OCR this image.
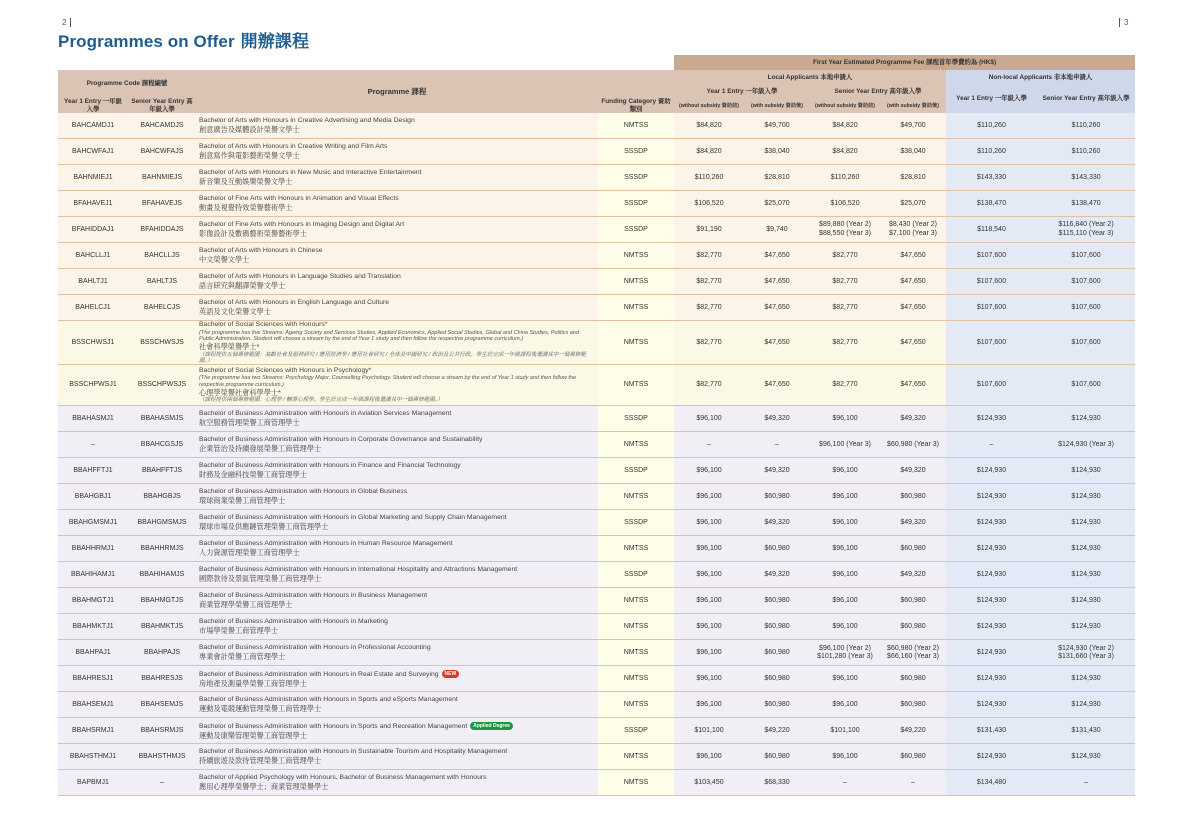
2	3
Programmes on Offer 開辦課程
				First Year Estimated Programme Fee 課程首年學費約為 (HK$)					
Programme Code 課程編號		Programme 課程		Local Applicants 本地申請人				Non-local Applicants 非本地申請人	
				Year 1 Entry 一年級入學		Senior Year Entry 高年級入學		Year 1 Entry 一年級入學	Senior Year Entry 高年級入學
Year 1 Entry 一年級入學	Senior Year Entry 高年級入學		Funding Category 資助類別	(without subsidy 資助前)	(with subsidy 資助後)	(without subsidy 資助前)	(with subsidy 資助後)		
BAHCAMDJ1	BAHCAMDJS	Bachelor of Arts with Honours in Creative Advertising and Media Design
創意廣告及媒體設計榮譽文學士	NMTSS	$84,820	$49,700	$84,820	$49,700	$110,260	$110,260
BAHCWFAJ1	BAHCWFAJS	Bachelor of Arts with Honours in Creative Writing and Film Arts
創意寫作與電影藝術榮譽文學士	SSSDP	$84,820	$38,040	$84,820	$38,040	$110,260	$110,260
BAHNMIEJ1	BAHNMIEJS	Bachelor of Arts with Honours in New Music and Interactive Entertainment
新音樂及互動娛樂榮譽文學士	SSSDP	$110,260	$28,810	$110,260	$28,810	$143,330	$143,330
BFAHAVEJ1	BFAHAVEJS	Bachelor of Fine Arts with Honours in Animation and Visual Effects
動畫及視覺特效榮譽藝術學士	SSSDP	$106,520	$25,070	$106,520	$25,070	$138,470	$138,470
BFAHIDDAJ1	BFAHIDDAJS	Bachelor of Fine Arts with Honours in Imaging Design and Digital Art
影像設計及數碼藝術榮譽藝術學士	SSSDP	$91,190	$9,740	$89,880 (Year 2)
$88,550 (Year 3)	$8,430 (Year 2)
$7,100 (Year 3)	$118,540	$116,840 (Year 2)
$115,110 (Year 3)
BAHCLLJ1	BAHCLLJS	Bachelor of Arts with Honours in Chinese
中文榮譽文學士	NMTSS	$82,770	$47,650	$82,770	$47,650	$107,600	$107,600
BAHLTJ1	BAHLTJS	Bachelor of Arts with Honours in Language Studies and Translation
語言研究與翻譯榮譽文學士	NMTSS	$82,770	$47,650	$82,770	$47,650	$107,600	$107,600
BAHELCJ1	BAHELCJS	Bachelor of Arts with Honours in English Language and Culture
英語及文化榮譽文學士	NMTSS	$82,770	$47,650	$82,770	$47,650	$107,600	$107,600
BSSCHWSJ1	BSSCHWSJS	Bachelor of Social Sciences with Honours*
(The programme has five Streams: Ageing Society and Services Studies, Applied Economics, Applied Social Studies, Global and China Studies, Politics and Public Administration. Student will choose a stream by the end of Year 1 study and then follow the respective programme curriculum.)
社會科學榮譽學士*
（課程提供五個專修範圍：高齡社會及服務研究 / 應用經濟學 / 應用社會研究 / 全球及中國研究 / 政治及公共行政。學生於完成一年級課程後選讀其中一個專修範圍。）	NMTSS	$82,770	$47,650	$82,770	$47,650	$107,600	$107,600
BSSCHPWSJ1	BSSCHPWSJS	Bachelor of Social Sciences with Honours in Psychology*
(The programme has two Streams: Psychology Major, Counselling Psychology. Student will choose a stream by the end of Year 1 study and then follow the respective programme curriculum.)
心理學榮譽社會科學學士*
（課程提供兩個專修範圍：心理學 / 輔導心理學。學生於完成一年級課程後選讀其中一個專修範圍。）	NMTSS	$82,770	$47,650	$82,770	$47,650	$107,600	$107,600
BBAHASMJ1	BBAHASMJS	Bachelor of Business Administration with Honours in Aviation Services Management
航空服務管理榮譽工商管理學士	SSSDP	$96,100	$49,320	$96,100	$49,320	$124,930	$124,930
–	BBAHCGSJS	Bachelor of Business Administration with Honours in Corporate Governance and Sustainability
企業管治及持續發展榮譽工商管理學士	NMTSS	–	–	$96,100 (Year 3)	$60,980 (Year 3)	–	$124,930 (Year 3)
BBAHFFTJ1	BBAHFFTJS	Bachelor of Business Administration with Honours in Finance and Financial Technology
財務及金融科技榮譽工商管理學士	SSSDP	$96,100	$49,320	$96,100	$49,320	$124,930	$124,930
BBAHGBJ1	BBAHGBJS	Bachelor of Business Administration with Honours in Global Business
環球商業榮譽工商管理學士	NMTSS	$96,100	$60,980	$96,100	$60,980	$124,930	$124,930
BBAHGMSMJ1	BBAHGMSMJS	Bachelor of Business Administration with Honours in Global Marketing and Supply Chain Management
環球市場及供應鏈管理榮譽工商管理學士	SSSDP	$96,100	$49,320	$96,100	$49,320	$124,930	$124,930
BBAHHRMJ1	BBAHHRMJS	Bachelor of Business Administration with Honours in Human Resource Management
人力資源管理榮譽工商管理學士	NMTSS	$96,100	$60,980	$96,100	$60,980	$124,930	$124,930
BBAHIHAMJ1	BBAHIHAMJS	Bachelor of Business Administration with Honours in International Hospitality and Attractions Management
國際款待及景區管理榮譽工商管理學士	SSSDP	$96,100	$49,320	$96,100	$49,320	$124,930	$124,930
BBAHMGTJ1	BBAHMGTJS	Bachelor of Business Administration with Honours in Business Management
商業管理學榮譽工商管理學士	NMTSS	$96,100	$60,980	$96,100	$60,980	$124,930	$124,930
BBAHMKTJ1	BBAHMKTJS	Bachelor of Business Administration with Honours in Marketing
市場學榮譽工商管理學士	NMTSS	$96,100	$60,980	$96,100	$60,980	$124,930	$124,930
BBAHPAJ1	BBAHPAJS	Bachelor of Business Administration with Honours in Professional Accounting
專業會計榮譽工商管理學士	NMTSS	$96,100	$60,980	$96,100 (Year 2)
$101,280 (Year 3)	$60,980 (Year 2)
$66,160 (Year 3)	$124,930	$124,930 (Year 2)
$131,660 (Year 3)
BBAHRESJ1	BBAHRESJS	Bachelor of Business Administration with Honours in Real Estate and Surveying NEW
房地產及測量學榮譽工商管理學士	NMTSS	$96,100	$60,980	$96,100	$60,980	$124,930	$124,930
BBAHSEMJ1	BBAHSEMJS	Bachelor of Business Administration with Honours in Sports and eSports Management
運動及電競運動管理榮譽工商管理學士	NMTSS	$96,100	$60,980	$96,100	$60,980	$124,930	$124,930
BBAHSRMJ1	BBAHSRMJS	Bachelor of Business Administration with Honours in Sports and Recreation Management Applied Degree
運動及康樂管理榮譽工商管理學士	SSSDP	$101,100	$49,220	$101,100	$49,220	$131,430	$131,430
BBAHSTHMJ1	BBAHSTHMJS	Bachelor of Business Administration with Honours in Sustainable Tourism and Hospitality Management
持續旅遊及款待管理榮譽工商管理學士	NMTSS	$96,100	$60,980	$96,100	$60,980	$124,930	$124,930
BAPBMJ1	–	Bachelor of Applied Psychology with Honours, Bachelor of Business Management with Honours
應用心理學榮譽學士；商業管理榮譽學士	NMTSS	$103,450	$68,330	–	–	$134,480	–
